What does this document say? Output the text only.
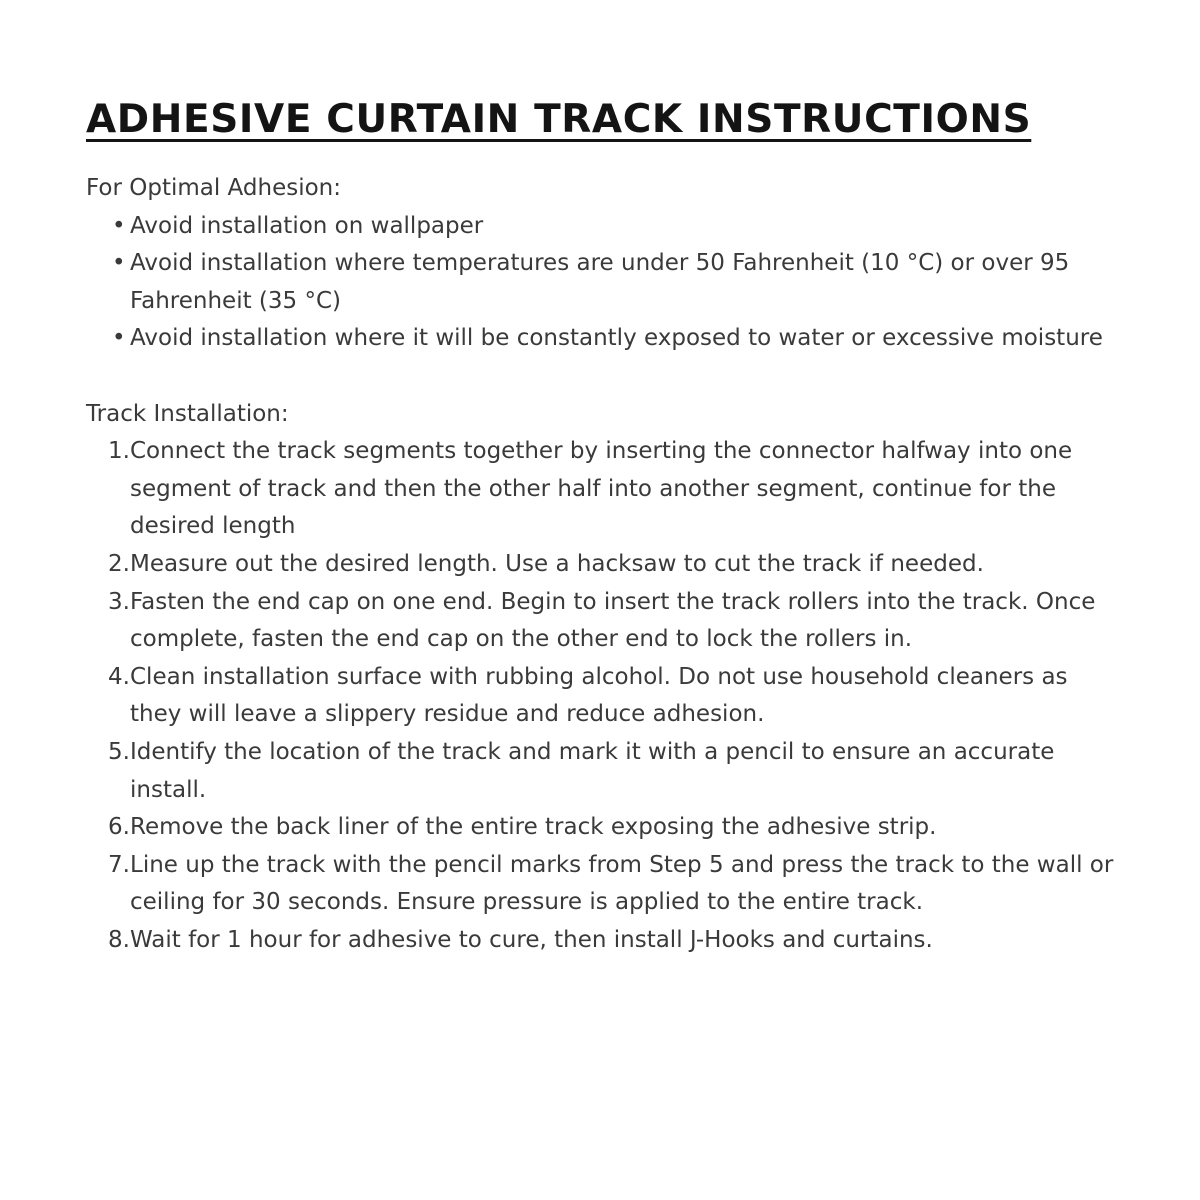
ADHESIVE CURTAIN TRACK INSTRUCTIONS

For Optimal Adhesion:

• Avoid installation on wallpaper
• Avoid installation where temperatures are under 50 Fahrenheit (10 °C) or over 95 Fahrenheit (35 °C)
• Avoid installation where it will be constantly exposed to water or excessive moisture

Track Installation:

1. Connect the track segments together by inserting the connector halfway into one segment of track and then the other half into another segment, continue for the desired length
2. Measure out the desired length. Use a hacksaw to cut the track if needed.
3. Fasten the end cap on one end. Begin to insert the track rollers into the track. Once complete, fasten the end cap on the other end to lock the rollers in.
4. Clean installation surface with rubbing alcohol. Do not use household cleaners as they will leave a slippery residue and reduce adhesion.
5. Identify the location of the track and mark it with a pencil to ensure an accurate install.
6. Remove the back liner of the entire track exposing the adhesive strip.
7. Line up the track with the pencil marks from Step 5 and press the track to the wall or ceiling for 30 seconds. Ensure pressure is applied to the entire track.
8. Wait for 1 hour for adhesive to cure, then install J-Hooks and curtains.
